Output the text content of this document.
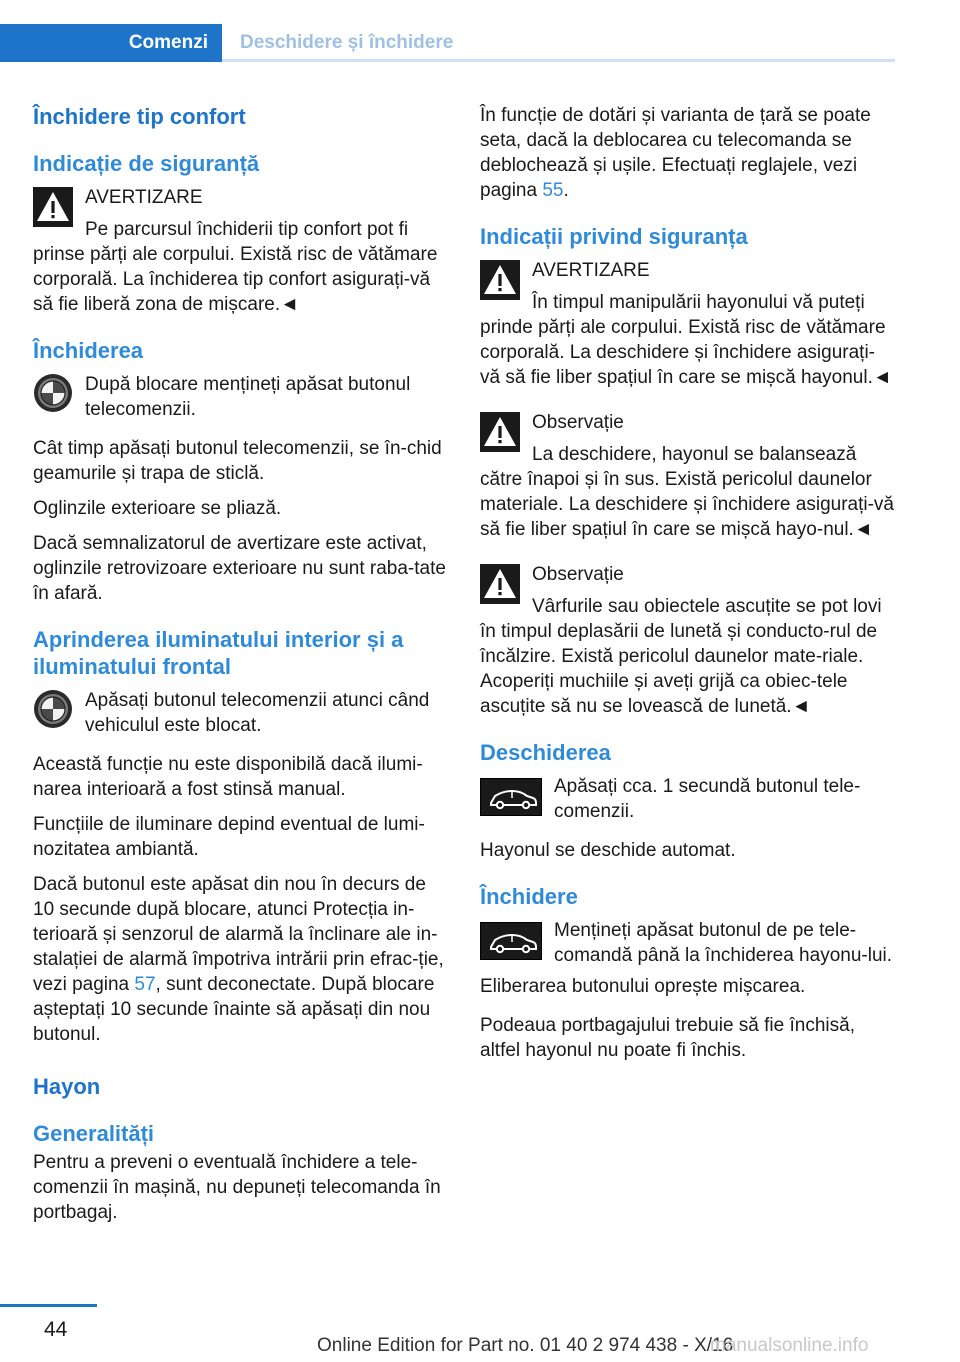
Comenzi	Deschidere și închidere
Închidere tip confort
Indicație de siguranță

AVERTIZARE

Pe parcursul închiderii tip confort pot fi prinse părți ale corpului. Există risc de vătămare corporală. La închiderea tip confort asigurați-vă să fie liberă zona de mișcare.◄

Închiderea

După blocare mențineți apăsat butonul telecomenzii.

Cât timp apăsați butonul telecomenzii, se în-chid geamurile și trapa de sticlă.

Oglinzile exterioare se pliază.

Dacă semnalizatorul de avertizare este activat, oglinzile retrovizoare exterioare nu sunt raba-tate în afară.

Aprinderea iluminatului interior și a iluminatului frontal

Apăsați butonul telecomenzii atunci când vehiculul este blocat.

Această funcție nu este disponibilă dacă ilumi-narea interioară a fost stinsă manual.

Funcțiile de iluminare depind eventual de lumi-nozitatea ambiantă.

Dacă butonul este apăsat din nou în decurs de 10 secunde după blocare, atunci Protecția in-terioară și senzorul de alarmă la înclinare ale in-stalației de alarmă împotriva intrării prin efrac-ție, vezi pagina 57, sunt deconectate. După blocare așteptați 10 secunde înainte să apăsați din nou butonul.

Hayon
Generalități

Pentru a preveni o eventuală închidere a tele-comenzii în mașină, nu depuneți telecomanda în portbagaj.

În funcție de dotări și varianta de țară se poate seta, dacă la deblocarea cu telecomanda se deblochează și ușile. Efectuați reglajele, vezi pagina 55.

Indicații privind siguranța

AVERTIZARE

În timpul manipulării hayonului vă puteți prinde părți ale corpului. Există risc de vătămare corporală. La deschidere și închidere asigurați-vă să fie liber spațiul în care se mișcă hayonul.◄

Observație

La deschidere, hayonul se balansează către înapoi și în sus. Există pericolul daunelor materiale. La deschidere și închidere asigurați-vă să fie liber spațiul în care se mișcă hayo-nul.◄

Observație

Vârfurile sau obiectele ascuțite se pot lovi în timpul deplasării de lunetă și conducto-rul de încălzire. Există pericolul daunelor mate-riale. Acoperiți muchiile și aveți grijă ca obiec-tele ascuțite să nu se lovească de lunetă.◄

Deschiderea

Apăsați cca. 1 secundă butonul tele-comenzii.

Hayonul se deschide automat.

Închidere

Mențineți apăsat butonul de pe tele-comandă până la închiderea hayonu-lui.

Eliberarea butonului oprește mișcarea.

Podeaua portbagajului trebuie să fie închisă, altfel hayonul nu poate fi închis.

44
Online Edition for Part no. 01 40 2 974 438 - X/16
manualsonline.info
